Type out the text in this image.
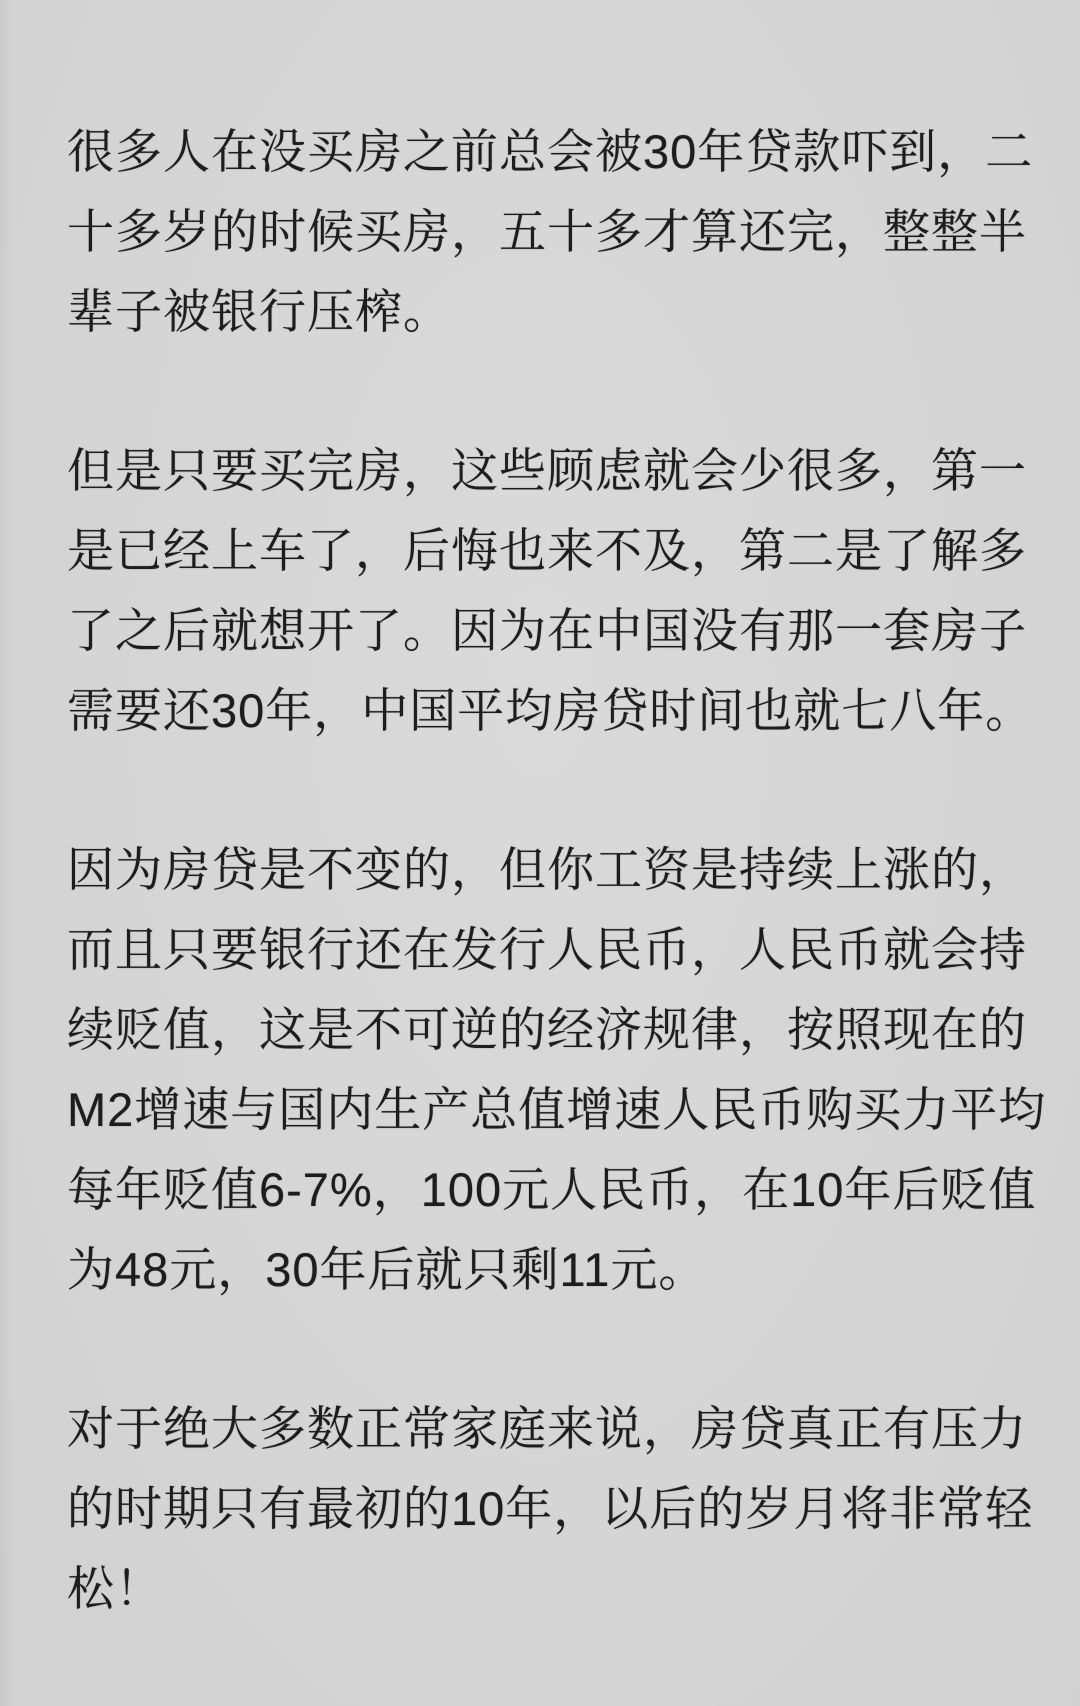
很多人在没买房之前总会被30年贷款吓到，二
十多岁的时候买房，五十多才算还完，整整半
辈子被银行压榨。
但是只要买完房，这些顾虑就会少很多，第一
是已经上车了，后悔也来不及，第二是了解多
了之后就想开了。因为在中国没有那一套房子
需要还30年，中国平均房贷时间也就七八年。
因为房贷是不变的，但你工资是持续上涨的，
而且只要银行还在发行人民币，人民币就会持
续贬值，这是不可逆的经济规律，按照现在的
M2增速与国内生产总值增速人民币购买力平均
每年贬值6-7%，100元人民币，在10年后贬值
为48元，30年后就只剩11元。
对于绝大多数正常家庭来说，房贷真正有压力
的时期只有最初的10年，以后的岁月将非常轻
松！
